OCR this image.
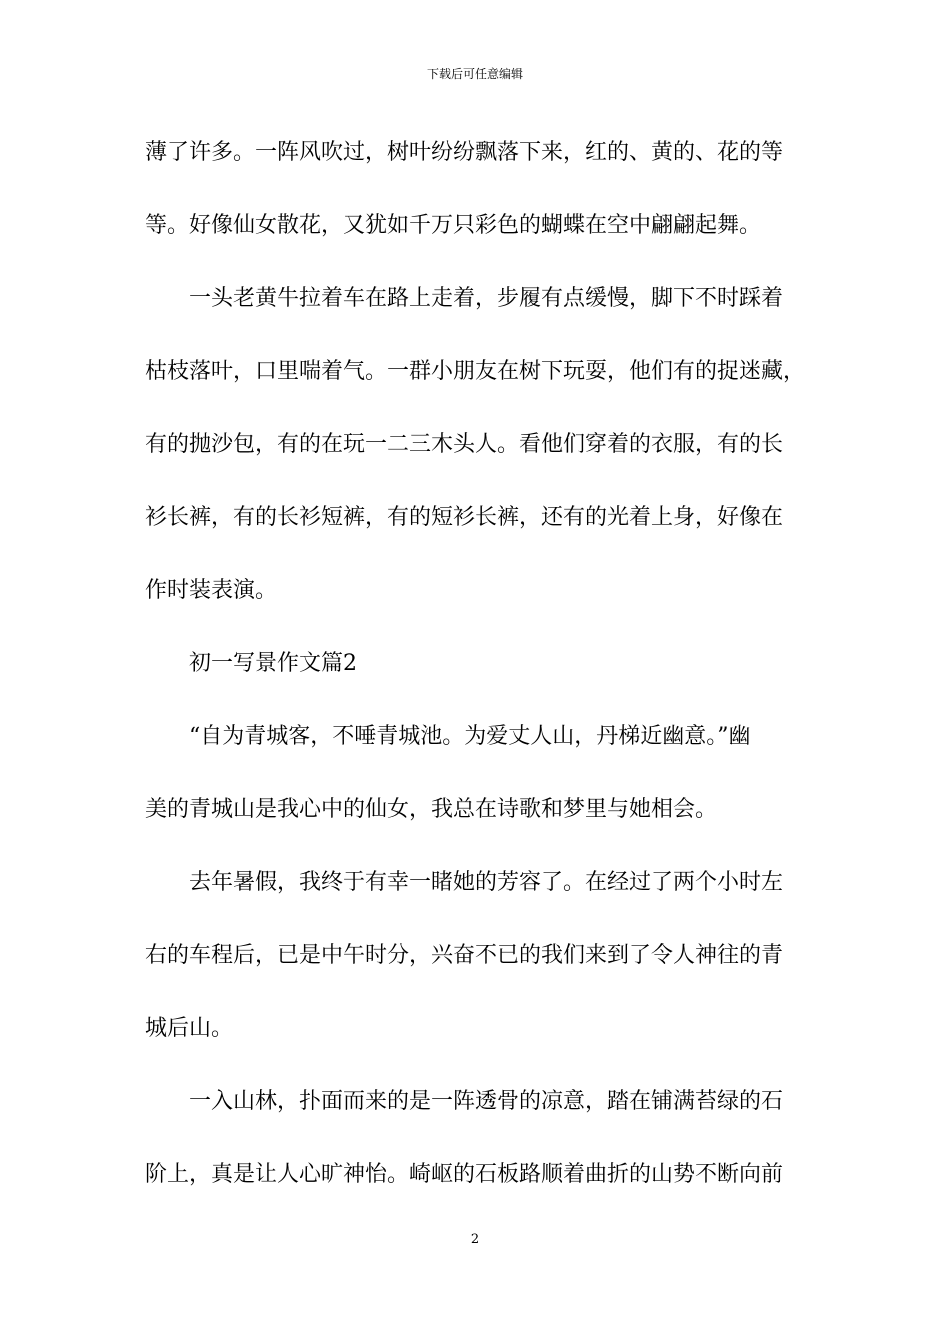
下载后可任意编辑
薄了许多。一阵风吹过，树叶纷纷飘落下来，红的、黄的、花的等
等。好像仙女散花，又犹如千万只彩色的蝴蝶在空中翩翩起舞。
一头老黄牛拉着车在路上走着，步履有点缓慢，脚下不时踩着
枯枝落叶，口里喘着气。一群小朋友在树下玩耍，他们有的捉迷藏，
有的抛沙包，有的在玩一二三木头人。看他们穿着的衣服，有的长
衫长裤，有的长衫短裤，有的短衫长裤，还有的光着上身，好像在
作时装表演。
初一写景作文篇2
“自为青城客，不唾青城池。为爱丈人山，丹梯近幽意。”幽
美的青城山是我心中的仙女，我总在诗歌和梦里与她相会。
去年暑假，我终于有幸一睹她的芳容了。在经过了两个小时左
右的车程后，已是中午时分，兴奋不已的我们来到了令人神往的青
城后山。
一入山林，扑面而来的是一阵透骨的凉意，踏在铺满苔绿的石
阶上，真是让人心旷神怡。崎岖的石板路顺着曲折的山势不断向前
2
